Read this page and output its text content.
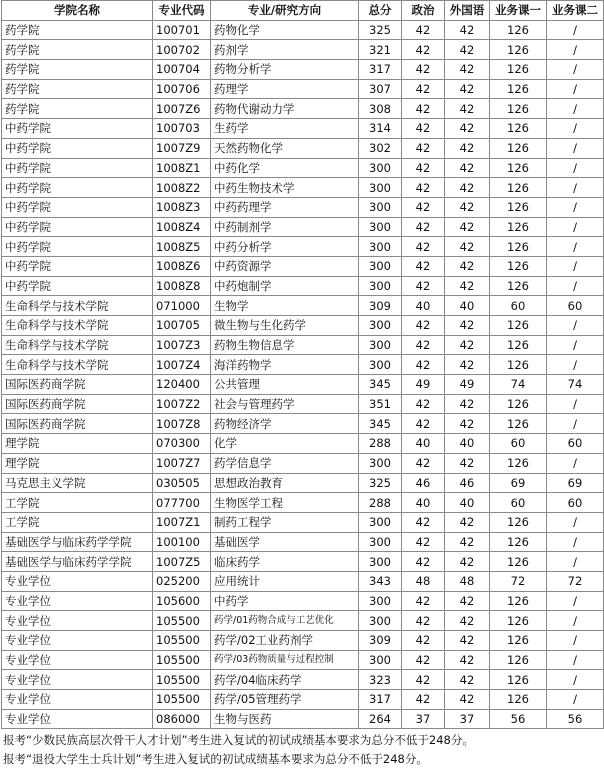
学院名称	专业代码	专业/研究方向	总分	政治	外国语	业务课一	业务课二
药学院	100701	药物化学	325	42	42	126	/
药学院	100702	药剂学	321	42	42	126	/
药学院	100704	药物分析学	317	42	42	126	/
药学院	100706	药理学	307	42	42	126	/
药学院	1007Z6	药物代谢动力学	308	42	42	126	/
中药学院	100703	生药学	314	42	42	126	/
中药学院	1007Z9	天然药物化学	302	42	42	126	/
中药学院	1008Z1	中药化学	300	42	42	126	/
中药学院	1008Z2	中药生物技术学	300	42	42	126	/
中药学院	1008Z3	中药药理学	300	42	42	126	/
中药学院	1008Z4	中药制剂学	300	42	42	126	/
中药学院	1008Z5	中药分析学	300	42	42	126	/
中药学院	1008Z6	中药资源学	300	42	42	126	/
中药学院	1008Z8	中药炮制学	300	42	42	126	/
生命科学与技术学院	071000	生物学	309	40	40	60	60
生命科学与技术学院	100705	微生物与生化药学	300	42	42	126	/
生命科学与技术学院	1007Z3	药物生物信息学	300	42	42	126	/
生命科学与技术学院	1007Z4	海洋药物学	300	42	42	126	/
国际医药商学院	120400	公共管理	345	49	49	74	74
国际医药商学院	1007Z2	社会与管理药学	351	42	42	126	/
国际医药商学院	1007Z8	药物经济学	345	42	42	126	/
理学院	070300	化学	288	40	40	60	60
理学院	1007Z7	药学信息学	300	42	42	126	/
马克思主义学院	030505	思想政治教育	325	46	46	69	69
工学院	077700	生物医学工程	288	40	40	60	60
工学院	1007Z1	制药工程学	300	42	42	126	/
基础医学与临床药学学院	100100	基础医学	300	42	42	126	/
基础医学与临床药学学院	1007Z5	临床药学	300	42	42	126	/
专业学位	025200	应用统计	343	48	48	72	72
专业学位	105600	中药学	300	42	42	126	/
专业学位	105500	药学/01药物合成与工艺优化	300	42	42	126	/
专业学位	105500	药学/02工业药剂学	309	42	42	126	/
专业学位	105500	药学/03药物质量与过程控制	300	42	42	126	/
专业学位	105500	药学/04临床药学	323	42	42	126	/
专业学位	105500	药学/05管理药学	317	42	42	126	/
专业学位	086000	生物与医药	264	37	37	56	56
报考“少数民族高层次骨干人才计划”考生进入复试的初试成绩基本要求为总分不低于248分。
报考“退役大学生士兵计划”考生进入复试的初试成绩基本要求为总分不低于248分。
